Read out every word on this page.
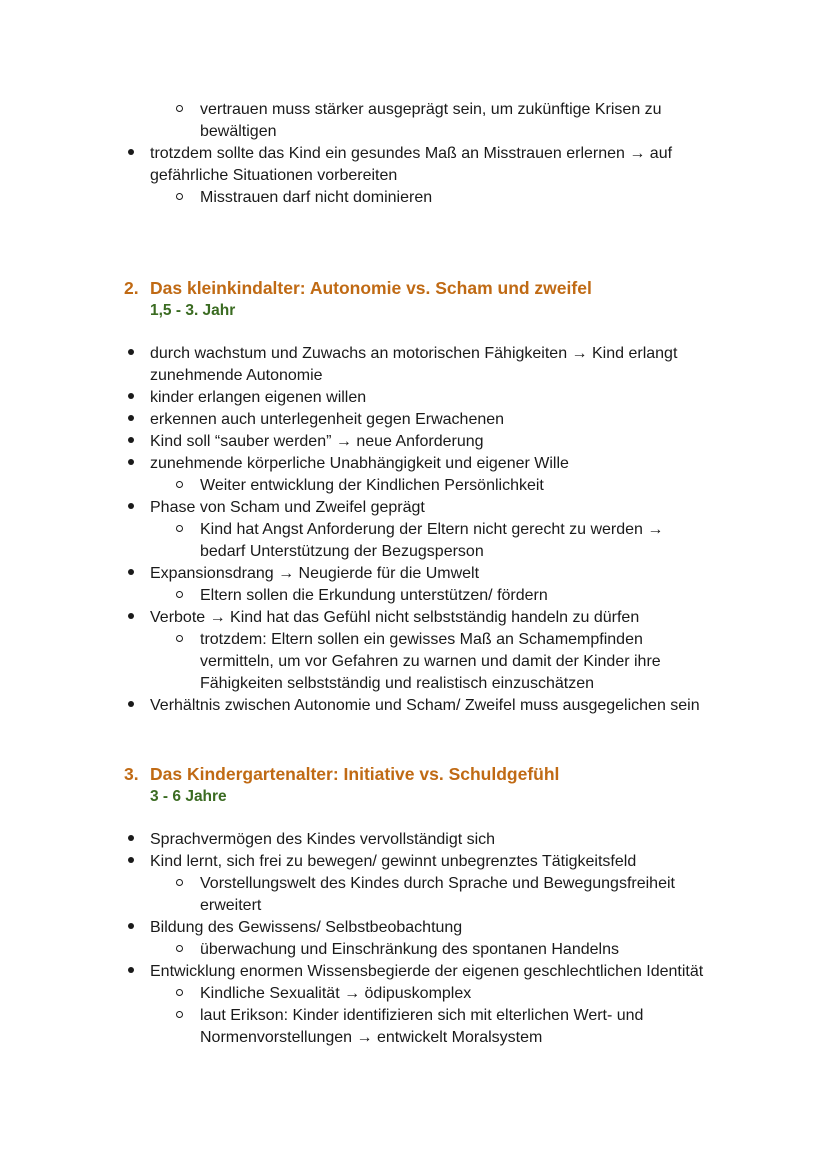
vertrauen muss stärker ausgeprägt sein, um zukünftige Krisen zu bewältigen
trotzdem sollte das Kind ein gesundes Maß an Misstrauen erlernen → auf gefährliche Situationen vorbereiten
Misstrauen darf nicht dominieren
2. Das kleinkindalter: Autonomie vs. Scham und zweifel
1,5 - 3. Jahr
durch wachstum und Zuwachs an motorischen Fähigkeiten → Kind erlangt zunehmende Autonomie
kinder erlangen eigenen willen
erkennen auch unterlegenheit gegen Erwachenen
Kind soll “sauber werden” → neue Anforderung
zunehmende körperliche Unabhängigkeit und eigener Wille
Weiter entwicklung der Kindlichen Persönlichkeit
Phase von Scham und Zweifel geprägt
Kind hat Angst Anforderung der Eltern nicht gerecht zu werden → bedarf Unterstützung der Bezugsperson
Expansionsdrang → Neugierde für die Umwelt
Eltern sollen die Erkundung unterstützen/ fördern
Verbote → Kind hat das Gefühl nicht selbstständig handeln zu dürfen
trotzdem: Eltern sollen ein gewisses Maß an Schamempfinden vermitteln, um vor Gefahren zu warnen und damit der Kinder ihre Fähigkeiten selbstständig und realistisch einzuschätzen
Verhältnis zwischen Autonomie und Scham/ Zweifel muss ausgegelichen sein
3. Das Kindergartenalter: Initiative vs. Schuldgefühl
3 - 6 Jahre
Sprachvermögen des Kindes vervollständigt sich
Kind lernt, sich frei zu bewegen/ gewinnt unbegrenztes Tätigkeitsfeld
Vorstellungswelt des Kindes durch Sprache und Bewegungsfreiheit erweitert
Bildung des Gewissens/ Selbstbeobachtung
überwachung und Einschränkung des spontanen Handelns
Entwicklung enormen Wissensbegierde der eigenen geschlechtlichen Identität
Kindliche Sexualität → ödipuskomplex
laut Erikson: Kinder identifizieren sich mit elterlichen Wert- und Normenvorstellungen → entwickelt Moralsystem
